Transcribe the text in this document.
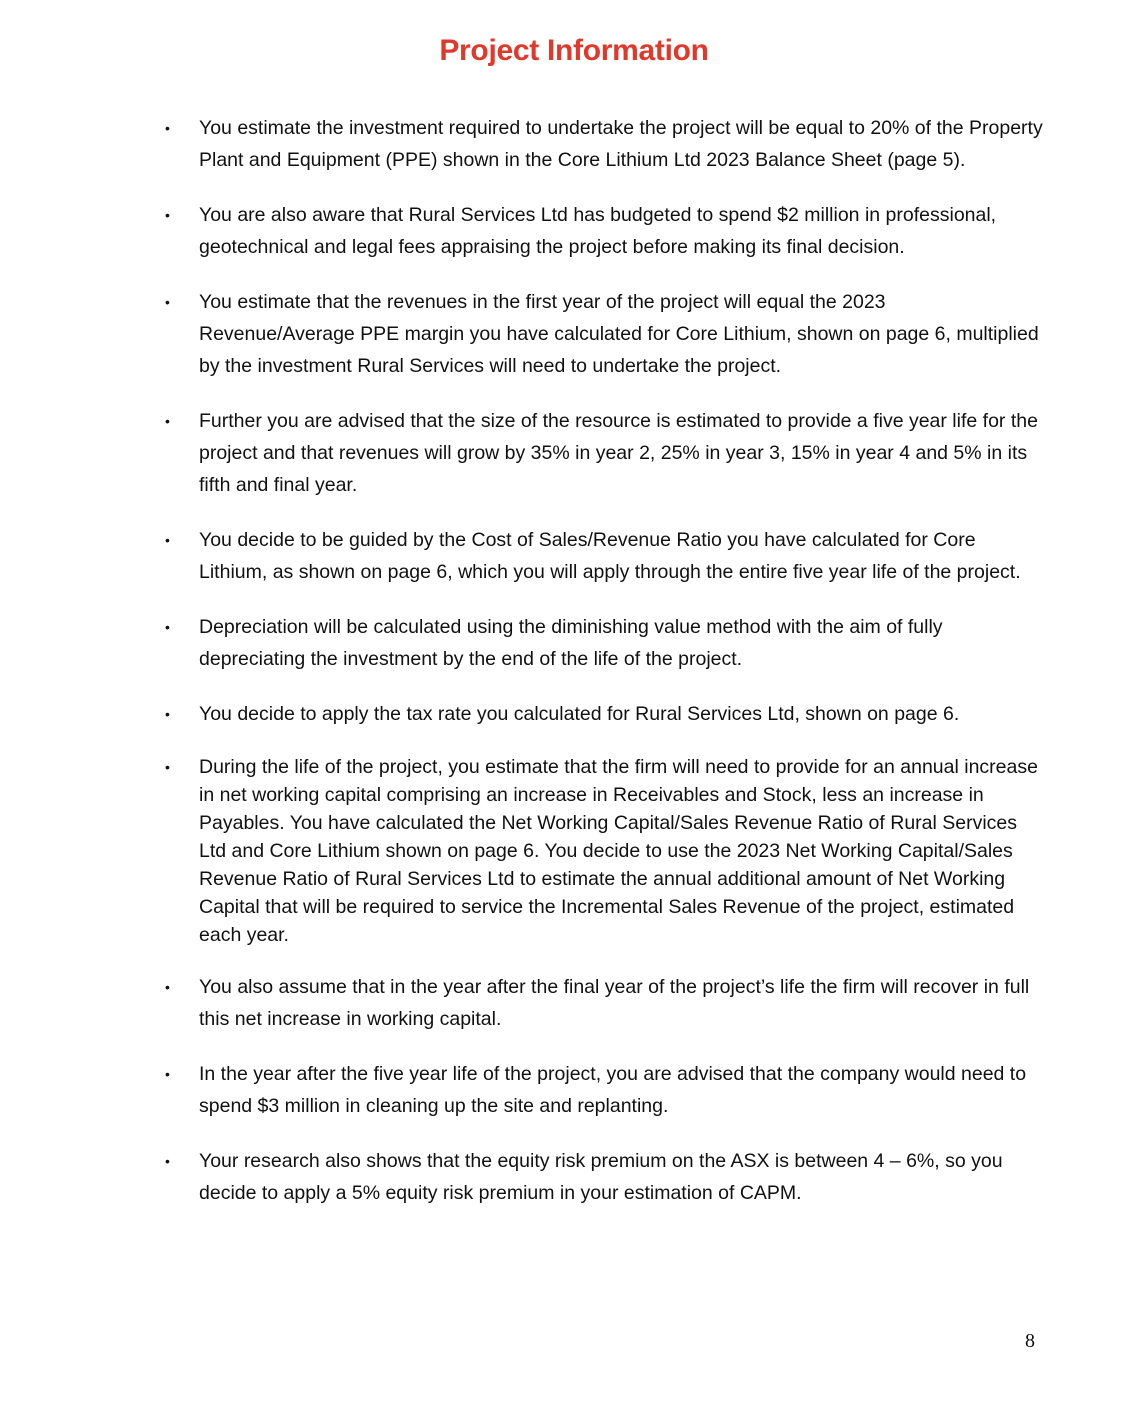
Project Information
• You estimate the investment required to undertake the project will be equal to 20% of the Property Plant and Equipment (PPE) shown in the Core Lithium Ltd 2023 Balance Sheet (page 5).
• You are also aware that Rural Services Ltd has budgeted to spend $2 million in professional, geotechnical and legal fees appraising the project before making its final decision.
• You estimate that the revenues in the first year of the project will equal the 2023 Revenue/Average PPE margin you have calculated for Core Lithium, shown on page 6, multiplied by the investment Rural Services will need to undertake the project.
• Further you are advised that the size of the resource is estimated to provide a five year life for the project and that revenues will grow by 35% in year 2, 25% in year 3, 15% in year 4 and 5% in its fifth and final year.
• You decide to be guided by the Cost of Sales/Revenue Ratio you have calculated for Core Lithium, as shown on page 6, which you will apply through the entire five year life of the project.
• Depreciation will be calculated using the diminishing value method with the aim of fully depreciating the investment by the end of the life of the project.
• You decide to apply the tax rate you calculated for Rural Services Ltd, shown on page 6.
• During the life of the project, you estimate that the firm will need to provide for an annual increase in net working capital comprising an increase in Receivables and Stock, less an increase in Payables. You have calculated the Net Working Capital/Sales Revenue Ratio of Rural Services Ltd and Core Lithium shown on page 6. You decide to use the 2023 Net Working Capital/Sales Revenue Ratio of Rural Services Ltd to estimate the annual additional amount of Net Working Capital that will be required to service the Incremental Sales Revenue of the project, estimated each year.
• You also assume that in the year after the final year of the project’s life the firm will recover in full this net increase in working capital.
• In the year after the five year life of the project, you are advised that the company would need to spend $3 million in cleaning up the site and replanting.
• Your research also shows that the equity risk premium on the ASX is between 4 – 6%, so you decide to apply a 5% equity risk premium in your estimation of CAPM.
8
